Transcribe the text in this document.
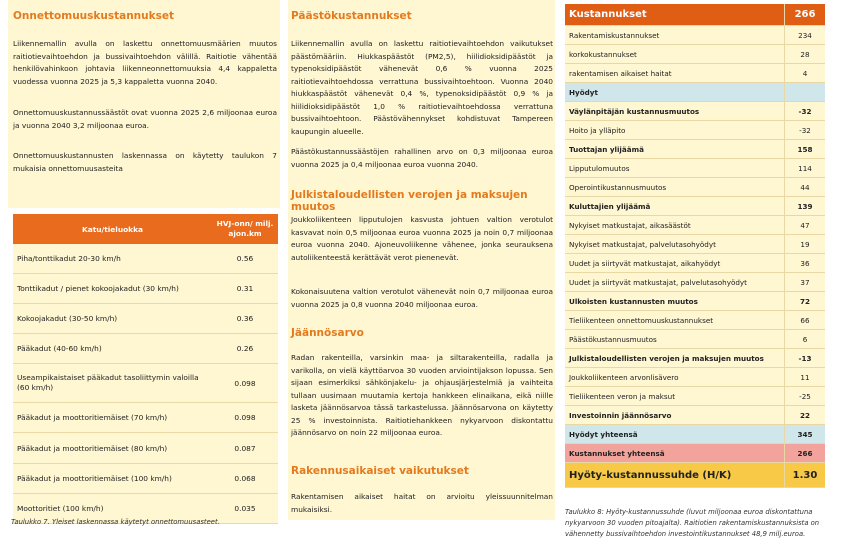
Onnettomuuskustannukset

Liikennemallin avulla on laskettu onnettomuusmäärien muutos raitiotievaihtoehdon ja bussivaihtoehdon välillä. Raitiotie vähentää henkilövahinkoon johtavia liikenneonnettomuuksia 4,4 kappaletta vuodessa vuonna 2025 ja 5,3 kappaletta vuonna 2040.

Onnettomuuskustannussäästöt ovat vuonna 2025 2,6 miljoonaa euroa ja vuonna 2040 3,2 miljoonaa euroa.

Onnettomuuskustannusten laskennassa on käytetty taulukon 7 mukaisia onnettomuusasteita

Katu/tieluokka	HVJ-onn/ milj. ajon.km
Piha/tonttikadut 20-30 km/h	0.56
Tonttikadut / pienet kokoojakadut (30 km/h)	0.31
Kokoojakadut (30-50 km/h)	0.36
Pääkadut (40-60 km/h)	0.26
Useampikaistaiset pääkadut tasoliittymin valoilla (60 km/h)	0.098
Pääkadut ja moottoritiemäiset (70 km/h)	0.098
Pääkadut ja moottoritiemäiset (80 km/h)	0.087
Pääkadut ja moottoritiemäiset (100 km/h)	0.068
Moottoritiet (100 km/h)	0.035
Taulukko 7. Yleiset laskennassa käytetyt onnettomuusasteet.
Päästökustannukset

Liikennemallin avulla on laskettu raitiotievaihtoehdon vaikutukset päästömääriin. Hiukkaspäästöt (PM2,5), hiilidioksidipäästöt ja typenoksidipäästöt vähenevät 0,6 % vuonna 2025 raitiotievaihtoehdossa verrattuna bussivaihtoehtoon. Vuonna 2040 hiukkaspäästöt vähenevät 0,4 %, typenoksidipäästöt 0,9 % ja hiilidioksidipäästöt 1,0 % raitiotievaihtoehdossa verrattuna bussivaihtoehtoon. Päästövähennykset kohdistuvat Tampereen kaupungin alueelle.

Päästökustannussäästöjen rahallinen arvo on 0,3 miljoonaa euroa vuonna 2025 ja 0,4 miljoonaa euroa vuonna 2040.

Julkistaloudellisten verojen ja maksujen muutos

Joukkoliikenteen lipputulojen kasvusta johtuen valtion verotulot kasvavat noin 0,5 miljoonaa euroa vuonna 2025 ja noin 0,7 miljoonaa euroa vuonna 2040. Ajoneuvoliikenne vähenee, jonka seurauksena autoliikenteestä kerättävät verot pienenevät.

Kokonaisuutena valtion verotulot vähenevät noin 0,7 miljoonaa euroa vuonna 2025 ja 0,8 vuonna 2040 miljoonaa euroa.

Jäännösarvo

Radan rakenteilla, varsinkin maa- ja siltarakenteilla, radalla ja varikolla, on vielä käyttöarvoa 30 vuoden arviointijakson lopussa. Sen sijaan esimerkiksi sähkönjakelu- ja ohjausjärjestelmiä ja vaihteita tullaan uusimaan muutamia kertoja hankkeen elinaikana, eikä niille lasketa jäännösarvoa tässä tarkastelussa. Jäännösarvona on käytetty 25 % investoinnista. Raitiotiehankkeen nykyarvoon diskontattu jäännösarvo on noin 22 miljoonaa euroa.

Rakennusaikaiset vaikutukset

Rakentamisen aikaiset haitat on arvioitu yleissuunnitelman mukaisiksi.

Kustannukset	266
Rakentamiskustannukset	234
korkokustannukset	28
rakentamisen aikaiset haitat	4
Hyödyt	
Väylänpitäjän kustannusmuutos	-32
Hoito ja ylläpito	-32
Tuottajan ylijäämä	158
Lipputulomuutos	114
Operointikustannusmuutos	44
Kuluttajien ylijäämä	139
Nykyiset matkustajat, aikasäästöt	47
Nykyiset matkustajat, palvelutasohyödyt	19
Uudet ja siirtyvät matkustajat, aikahyödyt	36
Uudet ja siirtyvät matkustajat, palvelutasohyödyt	37
Ulkoisten kustannusten muutos	72
Tieliikenteen onnettomuuskustannukset	66
Päästökustannusmuutos	6
Julkistaloudellisten verojen ja maksujen muutos	-13
Joukkoliikenteen arvonlisävero	11
Tieliikenteen veron ja maksut	-25
Investoinnin jäännösarvo	22
Hyödyt yhteensä	345
Kustannukset yhteensä	266
Hyöty-kustannussuhde (H/K)	1.30
Taulukko 8: Hyöty-kustannussuhde (luvut miljoonaa euroa diskontattuna nykyarvoon 30 vuoden pitoajalta). Raitiotien rakentamiskustannuksista on vähennetty bussivaihtoehdon investointikustannukset 48,9 milj.euroa.
